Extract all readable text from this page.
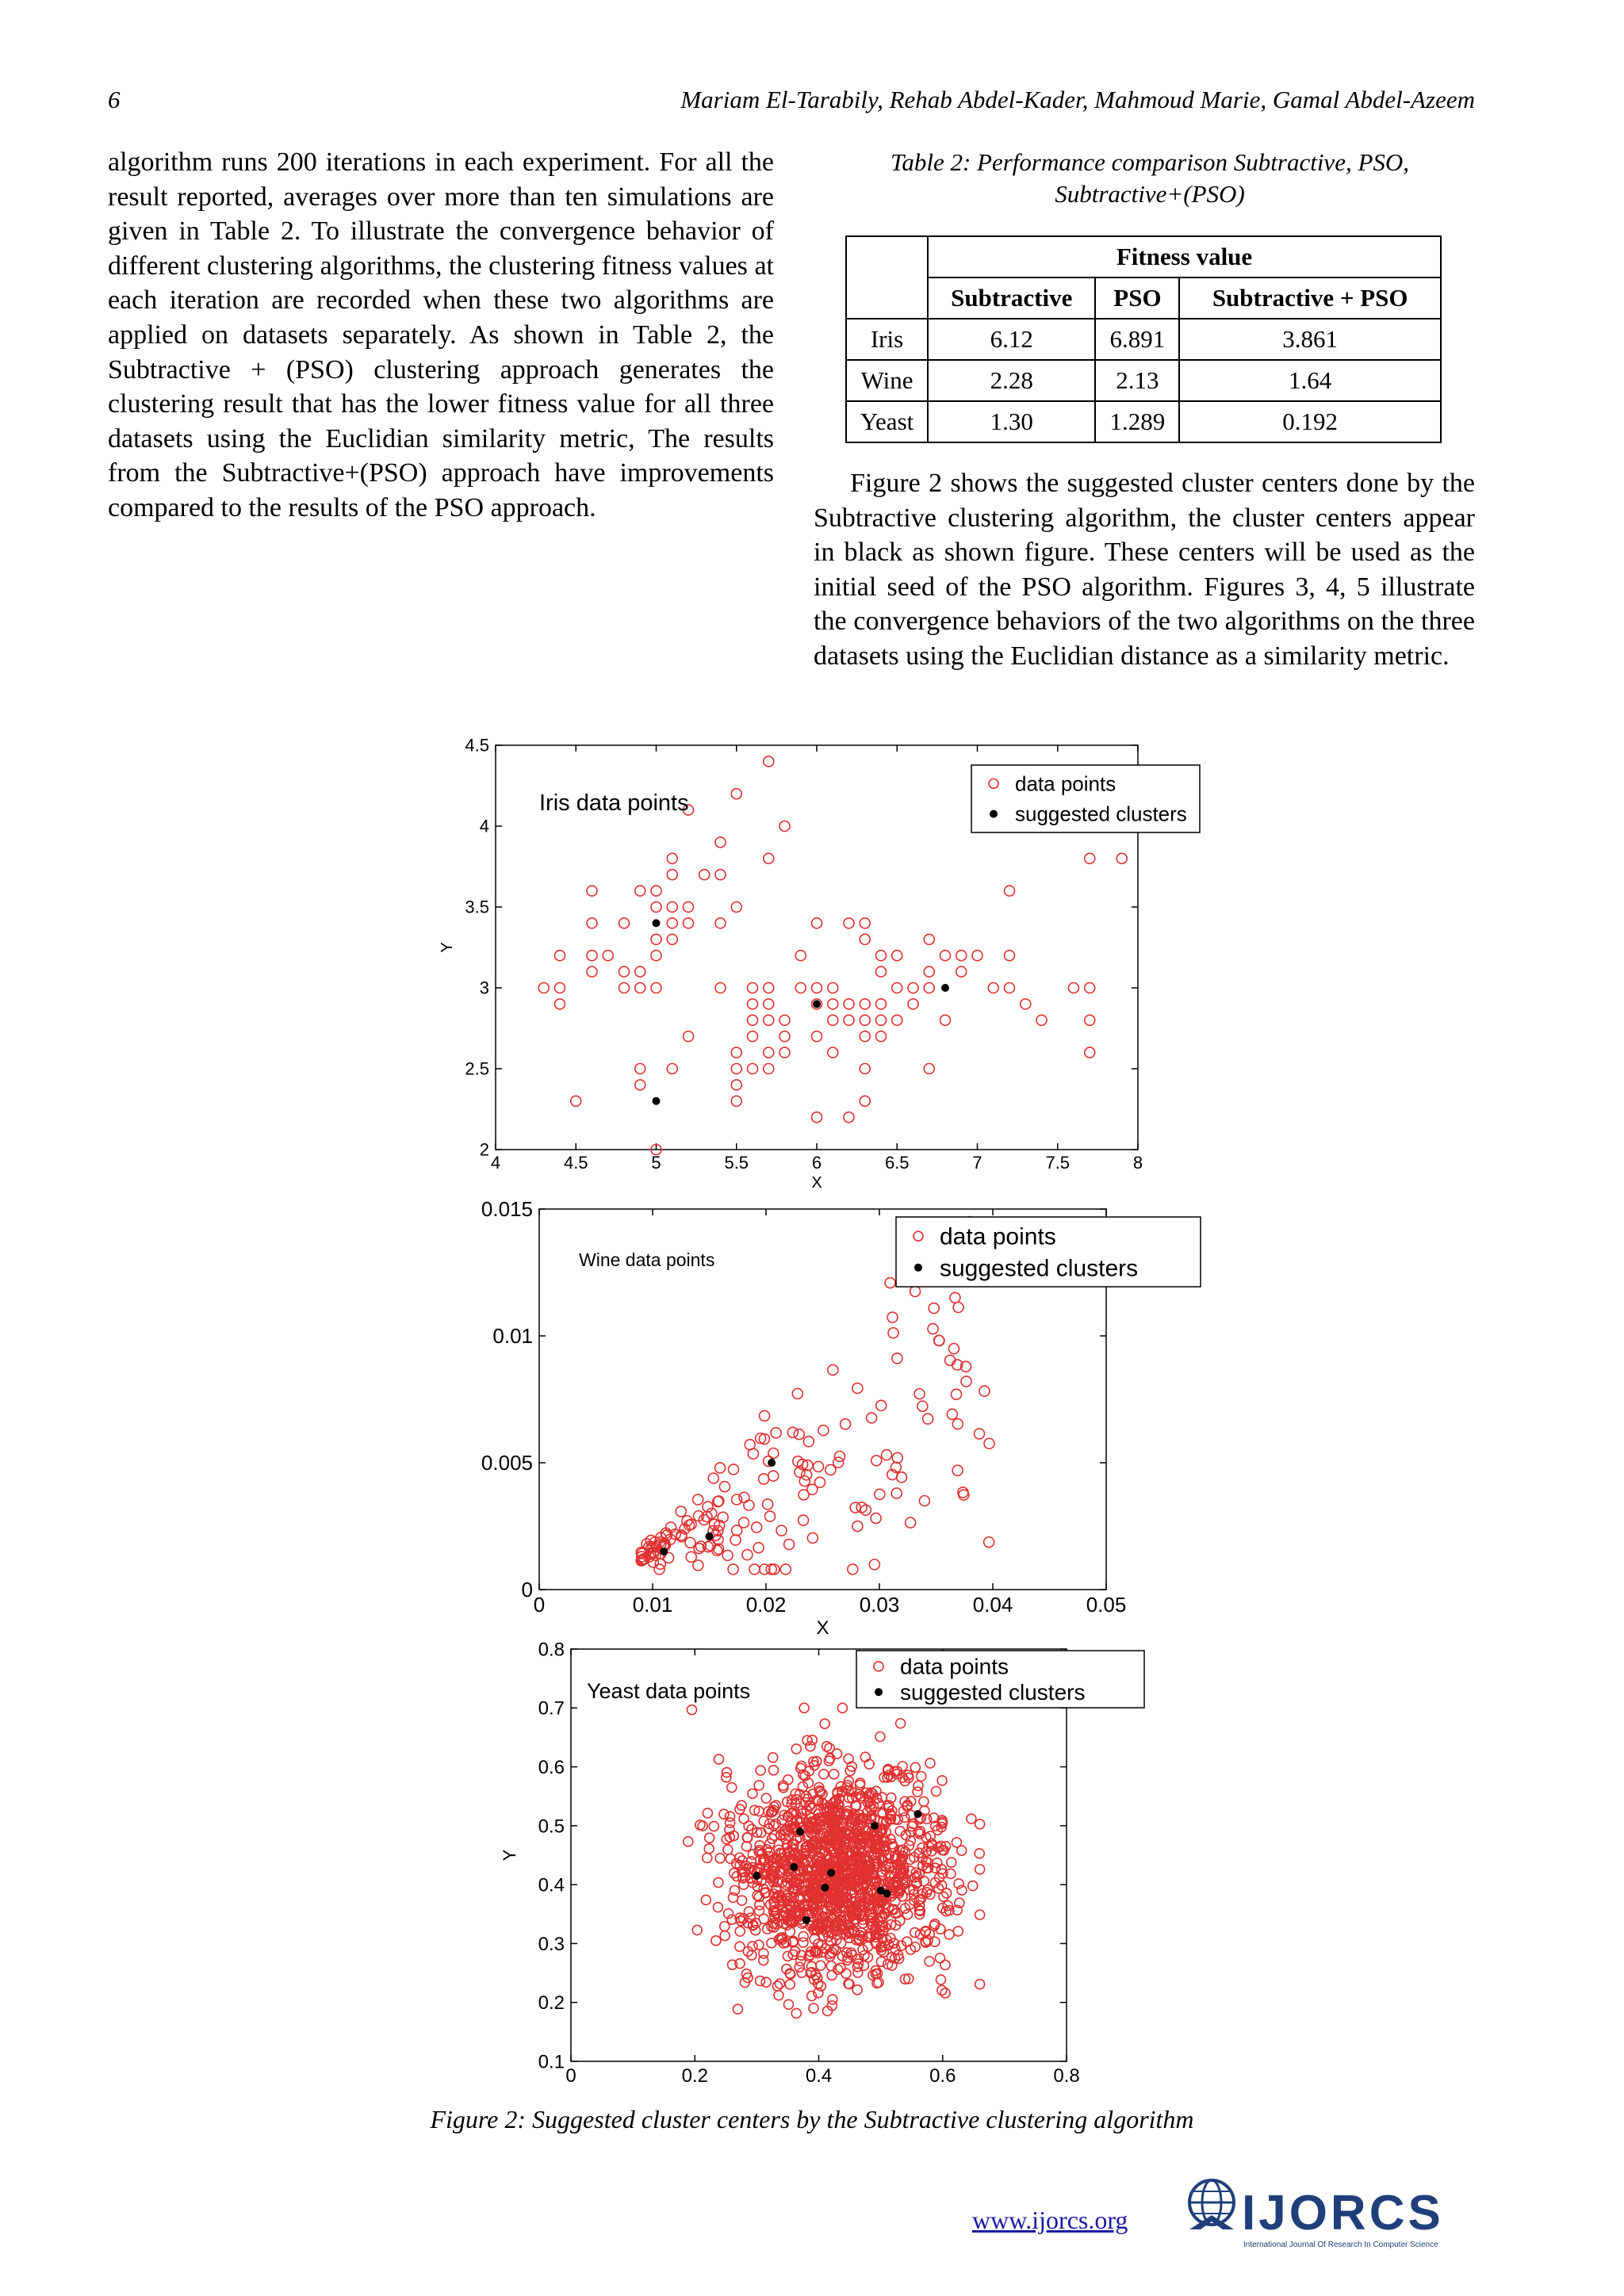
6	Mariam El-Tarabily, Rehab Abdel-Kader, Mahmoud Marie, Gamal Abdel-Azeem
algorithm runs 200 iterations in each experiment. For all the result reported, averages over more than ten simulations are given in Table 2. To illustrate the convergence behavior of different clustering algorithms, the clustering fitness values at each iteration are recorded when these two algorithms are applied on datasets separately. As shown in Table 2, the Subtractive + (PSO) clustering approach generates the clustering result that has the lower fitness value for all three datasets using the Euclidian similarity metric, The results from the Subtractive+(PSO) approach have improvements compared to the results of the PSO approach.
Table 2: Performance comparison Subtractive, PSO, Subtractive+(PSO)
	Fitness value		
	Subtractive	PSO	Subtractive + PSO
Iris	6.12	6.891	3.861
Wine	2.28	2.13	1.64
Yeast	1.30	1.289	0.192
Figure 2 shows the suggested cluster centers done by the Subtractive clustering algorithm, the cluster centers appear in black as shown figure. These centers will be used as the initial seed of the PSO algorithm. Figures 3, 4, 5 illustrate the convergence behaviors of the two algorithms on the three datasets using the Euclidian distance as a similarity metric.
4	4.5	5	5.5	6	6.5	7	7.5	8
2
2.5
3
3.5
4
4.5
X
Y
Iris data points
data points
suggested clusters
0	0.01	0.02	0.03	0.04	0.05
0
0.005
0.01
0.015
X
Wine data points
data points
suggested clusters
0	0.2	0.4	0.6	0.8
0.1
0.2
0.3
0.4
0.5
0.6
0.7
0.8
Y
Yeast data points
data points
suggested clusters
Figure 2: Suggested cluster centers by the Subtractive clustering algorithm
www.ijorcs.org IJORCS
International Journal Of Research In Computer Science
